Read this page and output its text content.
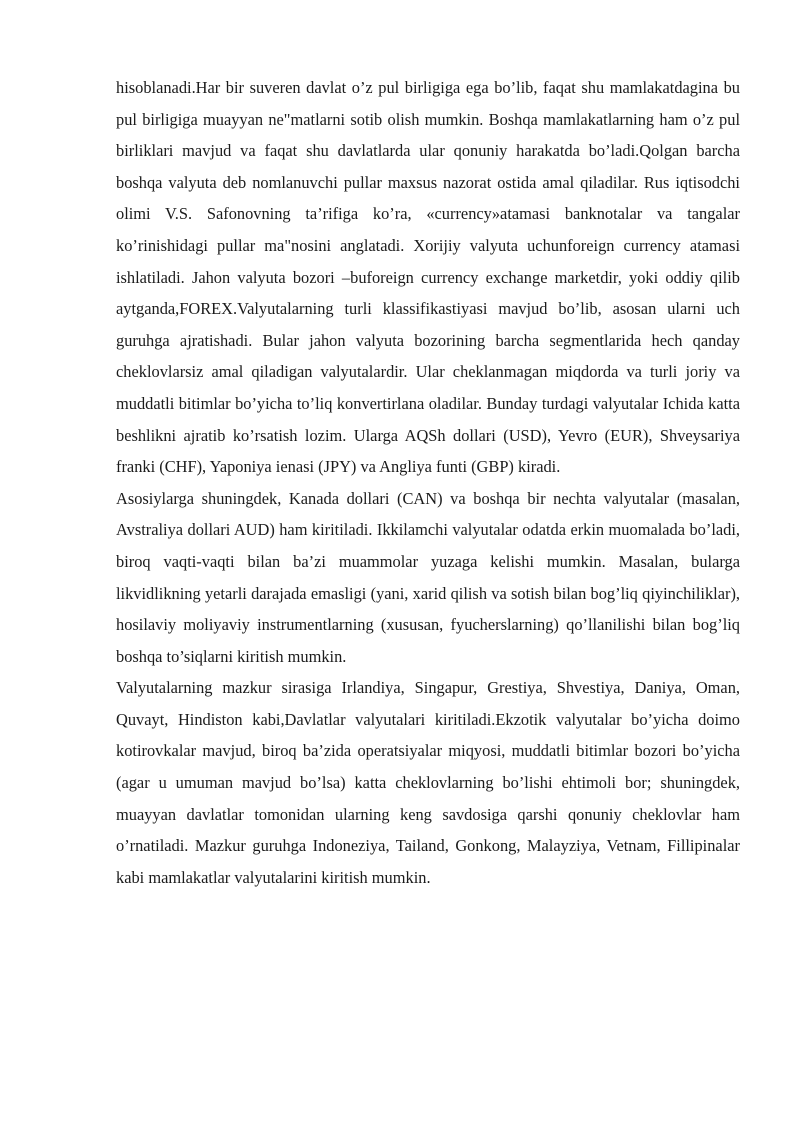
hisoblanadi.Har bir suveren davlat o’z pul birligiga ega bo’lib, faqat shu mamlakatdagina bu pul birligiga muayyan ne"matlarni sotib olish mumkin. Boshqa mamlakatlarning ham o’z pul birliklari mavjud va faqat shu davlatlarda ular qonuniy harakatda bo’ladi.Qolgan barcha boshqa valyuta deb nomlanuvchi pullar maxsus nazorat ostida amal qiladilar. Rus iqtisodchi olimi V.S. Safonovning ta’rifiga ko’ra, «currency»atamasi banknotalar va tangalar ko’rinishidagi pullar ma"nosini anglatadi. Xorijiy valyuta uchunforeign currency atamasi ishlatiladi. Jahon valyuta bozori –buforeign currency exchange marketdir, yoki oddiy qilib aytganda,FOREX.Valyutalarning turli klassifikastiyasi mavjud bo’lib, asosan ularni uch guruhga ajratishadi. Bular jahon valyuta bozorining barcha segmentlarida hech qanday cheklovlarsiz amal qiladigan valyutalardir. Ular cheklanmagan miqdorda va turli joriy va muddatli bitimlar bo’yicha to’liq konvertirlana oladilar. Bunday turdagi valyutalar Ichida katta beshlikni ajratib ko’rsatish lozim. Ularga AQSh dollari (USD), Yevro (EUR), Shveysariya franki (CHF), Yaponiya ienasi (JPY) va Angliya funti (GBP) kiradi.

Asosiylarga shuningdek, Kanada dollari (CAN) va boshqa bir nechta valyutalar (masalan, Avstraliya dollari AUD) ham kiritiladi. Ikkilamchi valyutalar odatda erkin muomalada bo’ladi, biroq vaqti-vaqti bilan ba’zi muammolar yuzaga kelishi mumkin. Masalan, bularga likvidlikning yetarli darajada emasligi (yani, xarid qilish va sotish bilan bog’liq qiyinchiliklar), hosilaviy moliyaviy instrumentlarning (xususan, fyucherslarning) qo’llanilishi bilan bog’liq boshqa to’siqlarni kiritish mumkin.

Valyutalarning mazkur sirasiga Irlandiya, Singapur, Grestiya, Shvestiya, Daniya, Oman, Quvayt, Hindiston kabi,Davlatlar valyutalari kiritiladi.Ekzotik valyutalar bo’yicha doimo kotirovkalar mavjud, biroq ba’zida operatsiyalar miqyosi, muddatli bitimlar bozori bo’yicha (agar u umuman mavjud bo’lsa) katta cheklovlarning bo’lishi ehtimoli bor; shuningdek, muayyan davlatlar tomonidan ularning keng savdosiga qarshi qonuniy cheklovlar ham o’rnatiladi. Mazkur guruhga Indoneziya, Tailand, Gonkong, Malayziya, Vetnam, Fillipinalar kabi mamlakatlar valyutalarini kiritish mumkin.
